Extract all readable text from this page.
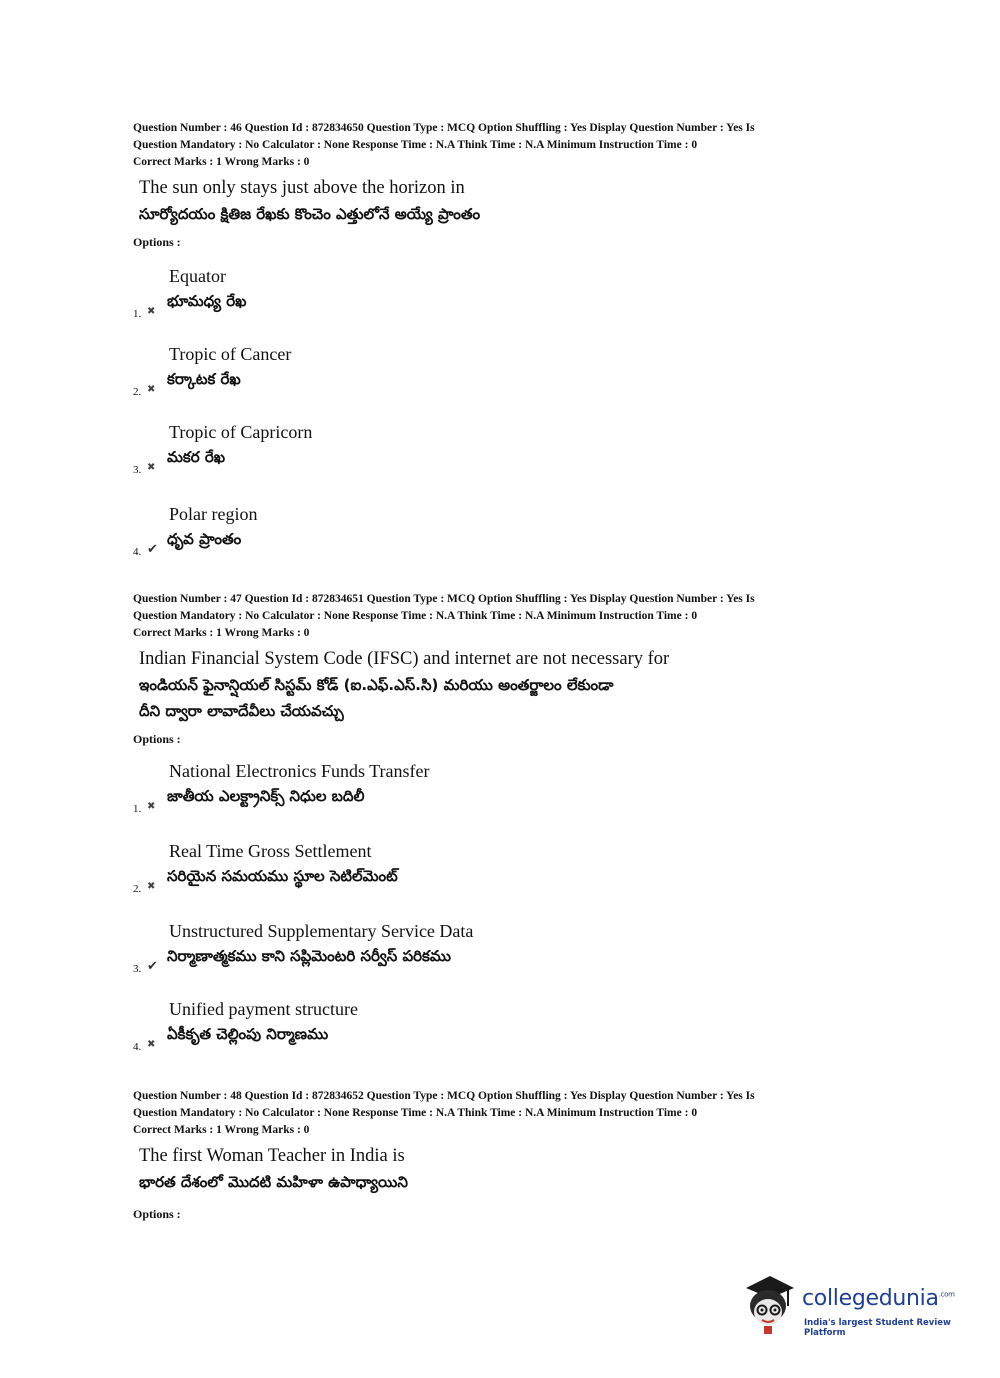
Question Number : 46 Question Id : 872834650 Question Type : MCQ Option Shuffling : Yes Display Question Number : Yes Is
Question Mandatory : No Calculator : None Response Time : N.A Think Time : N.A Minimum Instruction Time : 0
Correct Marks : 1 Wrong Marks : 0
The sun only stays just above the horizon in
సూర్యోదయం క్షితిజ రేఖకు కొంచెం ఎత్తులోనే అయ్యే ప్రాంతం
Options :
Equator
భూమధ్య రేఖ
1. ✖
Tropic of Cancer
కర్కాటక రేఖ
2. ✖
Tropic of Capricorn
మకర రేఖ
3. ✖
Polar region
ధృవ ప్రాంతం
4. ✔
Question Number : 47 Question Id : 872834651 Question Type : MCQ Option Shuffling : Yes Display Question Number : Yes Is
Question Mandatory : No Calculator : None Response Time : N.A Think Time : N.A Minimum Instruction Time : 0
Correct Marks : 1 Wrong Marks : 0
Indian Financial System Code (IFSC) and internet are not necessary for
ఇండియన్ ఫైనాన్షియల్ సిస్టమ్ కోడ్ (ఐ.ఎఫ్.ఎస్.సి) మరియు అంతర్జాలం లేకుండా
దీని ద్వారా లావాదేవీలు చేయవచ్చు
Options :
National Electronics Funds Transfer
జాతీయ ఎలక్ట్రానిక్స్ నిధుల బదిలీ
1. ✖
Real Time Gross Settlement
సరియైన సమయము స్థూల సెటిల్‌మెంట్
2. ✖
Unstructured Supplementary Service Data
నిర్మాణాత్మకము కాని సప్లిమెంటరి సర్వీస్ పరికము
3. ✔
Unified payment structure
ఏకీకృత చెల్లింపు నిర్మాణము
4. ✖
Question Number : 48 Question Id : 872834652 Question Type : MCQ Option Shuffling : Yes Display Question Number : Yes Is
Question Mandatory : No Calculator : None Response Time : N.A Think Time : N.A Minimum Instruction Time : 0
Correct Marks : 1 Wrong Marks : 0
The first Woman Teacher in India is
భారత దేశంలో మొదటి మహిళా ఉపాధ్యాయిని
Options :
collegedunia$^{.com}$
India's largest Student Review Platform
